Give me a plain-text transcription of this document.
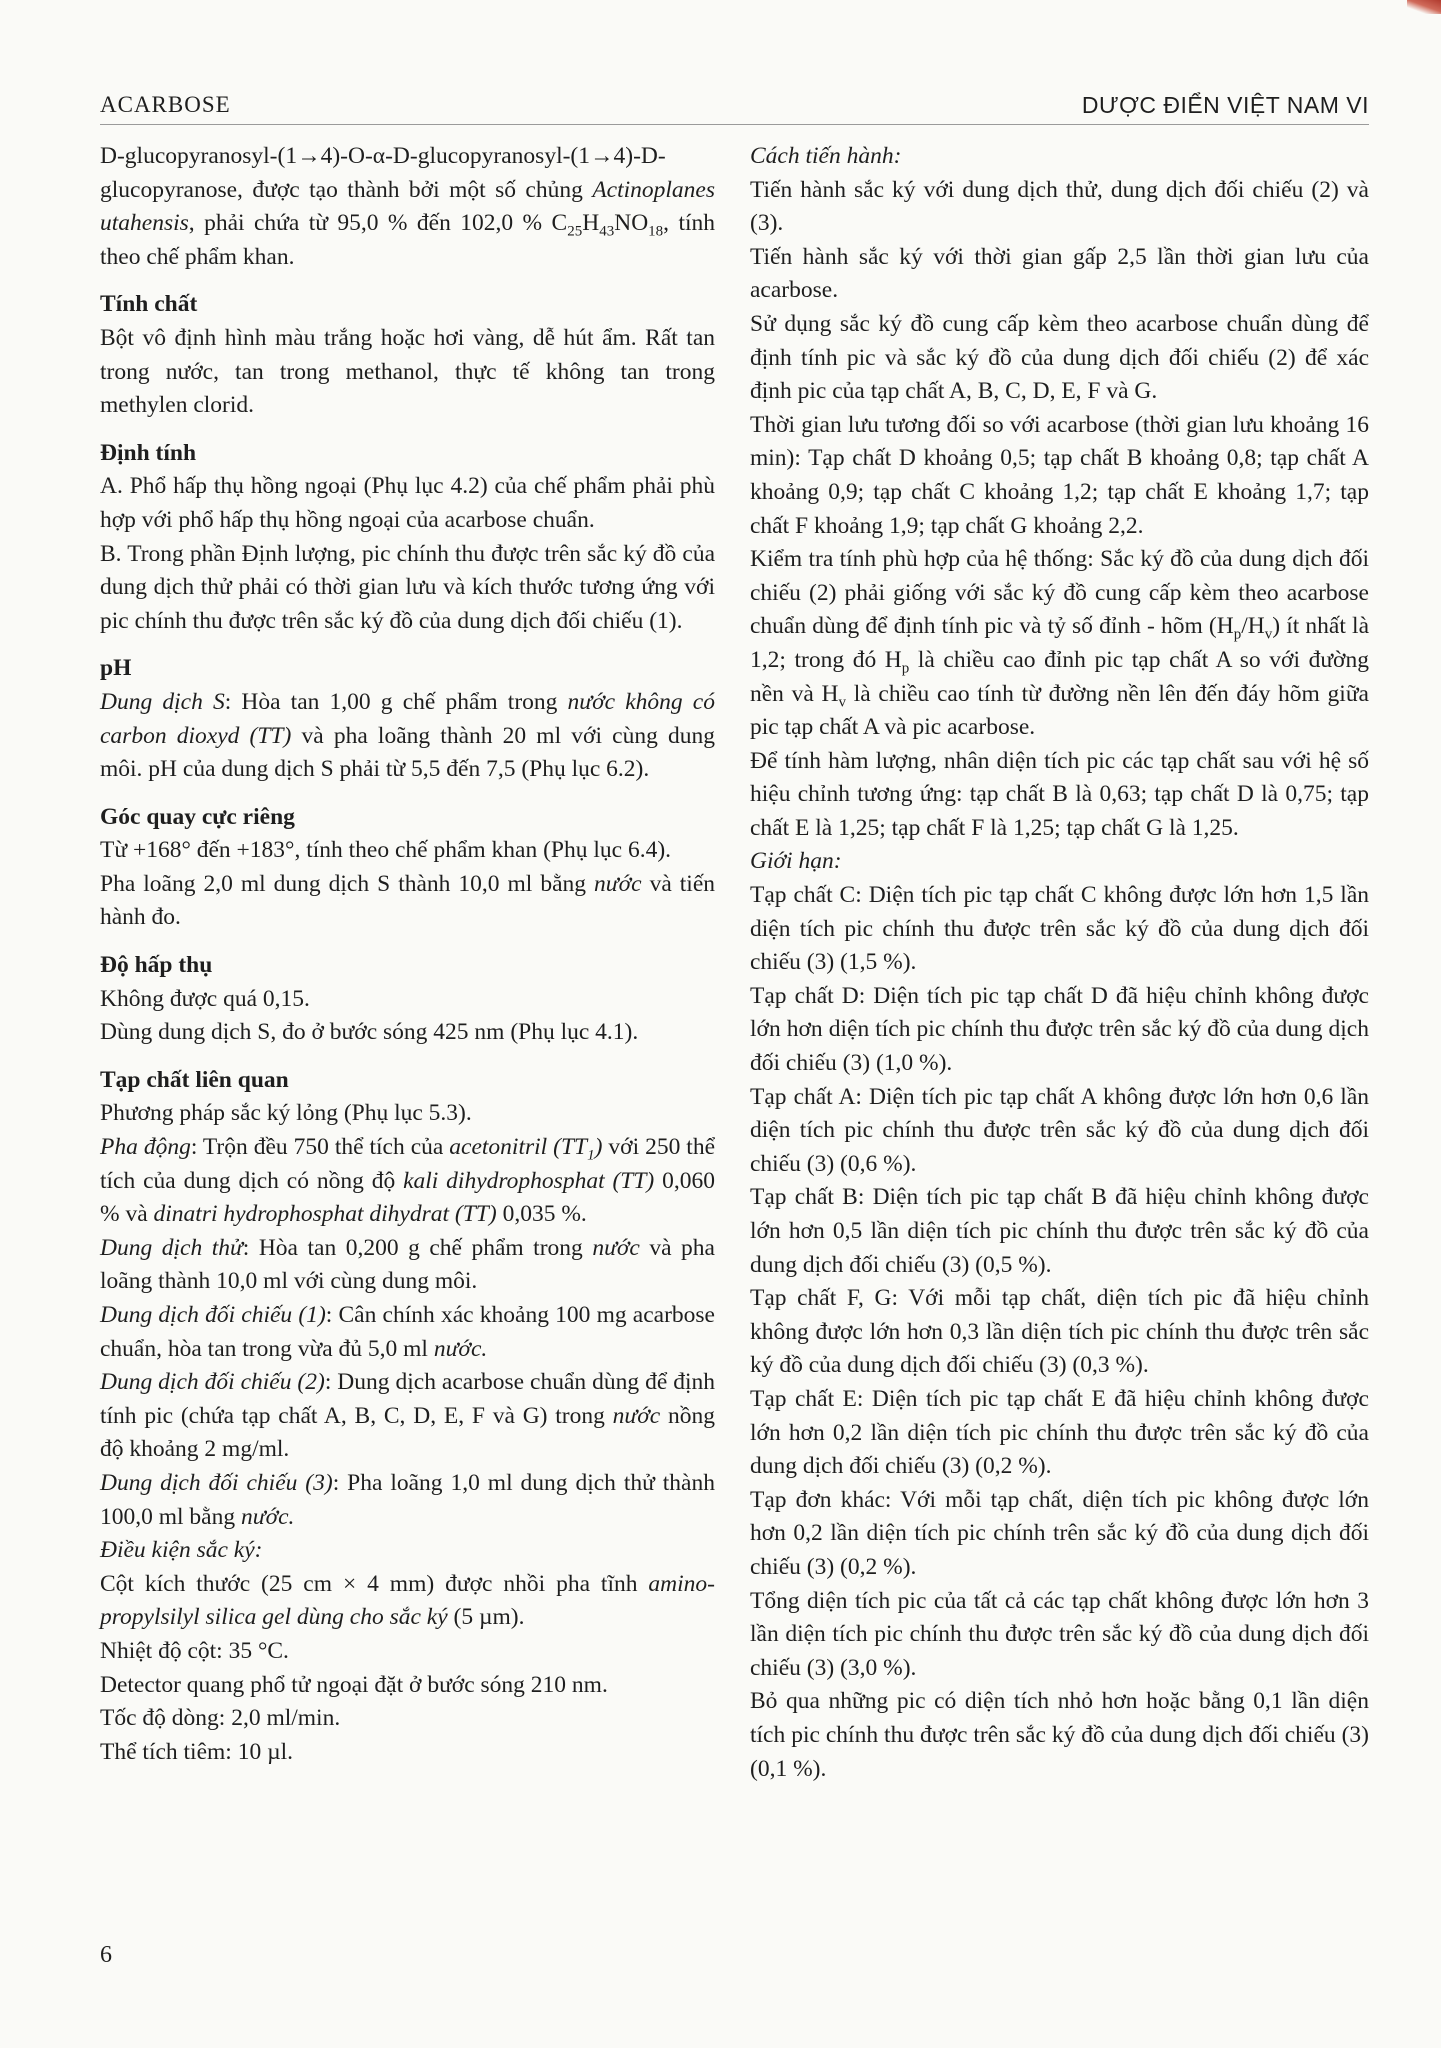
ACARBOSE	DƯỢC ĐIỂN VIỆT NAM VI

D-glucopyranosyl-(1→4)-O-α-D-glucopyranosyl-(1→4)-D-glucopyranose, được tạo thành bởi một số chủng Actinoplanes utahensis, phải chứa từ 95,0 % đến 102,0 % $C_{25}H_{43}NO_{18}$, tính theo chế phẩm khan.

Tính chất

Bột vô định hình màu trắng hoặc hơi vàng, dễ hút ẩm. Rất tan trong nước, tan trong methanol, thực tế không tan trong methylen clorid.

Định tính

A. Phổ hấp thụ hồng ngoại (Phụ lục 4.2) của chế phẩm phải phù hợp với phổ hấp thụ hồng ngoại của acarbose chuẩn.

B. Trong phần Định lượng, pic chính thu được trên sắc ký đồ của dung dịch thử phải có thời gian lưu và kích thước tương ứng với pic chính thu được trên sắc ký đồ của dung dịch đối chiếu (1).

pH

Dung dịch S: Hòa tan 1,00 g chế phẩm trong nước không có carbon dioxyd (TT) và pha loãng thành 20 ml với cùng dung môi. pH của dung dịch S phải từ 5,5 đến 7,5 (Phụ lục 6.2).

Góc quay cực riêng

Từ +168° đến +183°, tính theo chế phẩm khan (Phụ lục 6.4).

Pha loãng 2,0 ml dung dịch S thành 10,0 ml bằng nước và tiến hành đo.

Độ hấp thụ

Không được quá 0,15.

Dùng dung dịch S, đo ở bước sóng 425 nm (Phụ lục 4.1).

Tạp chất liên quan

Phương pháp sắc ký lỏng (Phụ lục 5.3).

Pha động: Trộn đều 750 thể tích của acetonitril $(TT_1)$ với 250 thể tích của dung dịch có nồng độ kali dihydrophosphat (TT) 0,060 % và dinatri hydrophosphat dihydrat (TT) 0,035 %.

Dung dịch thử: Hòa tan 0,200 g chế phẩm trong nước và pha loãng thành 10,0 ml với cùng dung môi.

Dung dịch đối chiếu (1): Cân chính xác khoảng 100 mg acarbose chuẩn, hòa tan trong vừa đủ 5,0 ml nước.

Dung dịch đối chiếu (2): Dung dịch acarbose chuẩn dùng để định tính pic (chứa tạp chất A, B, C, D, E, F và G) trong nước nồng độ khoảng 2 mg/ml.

Dung dịch đối chiếu (3): Pha loãng 1,0 ml dung dịch thử thành 100,0 ml bằng nước.

Điều kiện sắc ký:

Cột kích thước (25 cm × 4 mm) được nhồi pha tĩnh amino-propylsilyl silica gel dùng cho sắc ký (5 µm).

Nhiệt độ cột: 35 °C.

Detector quang phổ tử ngoại đặt ở bước sóng 210 nm.

Tốc độ dòng: 2,0 ml/min.

Thể tích tiêm: 10 µl.

Cách tiến hành:

Tiến hành sắc ký với dung dịch thử, dung dịch đối chiếu (2) và (3).

Tiến hành sắc ký với thời gian gấp 2,5 lần thời gian lưu của acarbose.

Sử dụng sắc ký đồ cung cấp kèm theo acarbose chuẩn dùng để định tính pic và sắc ký đồ của dung dịch đối chiếu (2) để xác định pic của tạp chất A, B, C, D, E, F và G.

Thời gian lưu tương đối so với acarbose (thời gian lưu khoảng 16 min): Tạp chất D khoảng 0,5; tạp chất B khoảng 0,8; tạp chất A khoảng 0,9; tạp chất C khoảng 1,2; tạp chất E khoảng 1,7; tạp chất F khoảng 1,9; tạp chất G khoảng 2,2.

Kiểm tra tính phù hợp của hệ thống: Sắc ký đồ của dung dịch đối chiếu (2) phải giống với sắc ký đồ cung cấp kèm theo acarbose chuẩn dùng để định tính pic và tỷ số đỉnh - hõm $(H_p/H_v)$ ít nhất là 1,2; trong đó $H_p$ là chiều cao đỉnh pic tạp chất A so với đường nền và $H_v$ là chiều cao tính từ đường nền lên đến đáy hõm giữa pic tạp chất A và pic acarbose.

Để tính hàm lượng, nhân diện tích pic các tạp chất sau với hệ số hiệu chỉnh tương ứng: tạp chất B là 0,63; tạp chất D là 0,75; tạp chất E là 1,25; tạp chất F là 1,25; tạp chất G là 1,25.

Giới hạn:

Tạp chất C: Diện tích pic tạp chất C không được lớn hơn 1,5 lần diện tích pic chính thu được trên sắc ký đồ của dung dịch đối chiếu (3) (1,5 %).

Tạp chất D: Diện tích pic tạp chất D đã hiệu chỉnh không được lớn hơn diện tích pic chính thu được trên sắc ký đồ của dung dịch đối chiếu (3) (1,0 %).

Tạp chất A: Diện tích pic tạp chất A không được lớn hơn 0,6 lần diện tích pic chính thu được trên sắc ký đồ của dung dịch đối chiếu (3) (0,6 %).

Tạp chất B: Diện tích pic tạp chất B đã hiệu chỉnh không được lớn hơn 0,5 lần diện tích pic chính thu được trên sắc ký đồ của dung dịch đối chiếu (3) (0,5 %).

Tạp chất F, G: Với mỗi tạp chất, diện tích pic đã hiệu chỉnh không được lớn hơn 0,3 lần diện tích pic chính thu được trên sắc ký đồ của dung dịch đối chiếu (3) (0,3 %).

Tạp chất E: Diện tích pic tạp chất E đã hiệu chỉnh không được lớn hơn 0,2 lần diện tích pic chính thu được trên sắc ký đồ của dung dịch đối chiếu (3) (0,2 %).

Tạp đơn khác: Với mỗi tạp chất, diện tích pic không được lớn hơn 0,2 lần diện tích pic chính trên sắc ký đồ của dung dịch đối chiếu (3) (0,2 %).

Tổng diện tích pic của tất cả các tạp chất không được lớn hơn 3 lần diện tích pic chính thu được trên sắc ký đồ của dung dịch đối chiếu (3) (3,0 %).

Bỏ qua những pic có diện tích nhỏ hơn hoặc bằng 0,1 lần diện tích pic chính thu được trên sắc ký đồ của dung dịch đối chiếu (3) (0,1 %).

6
